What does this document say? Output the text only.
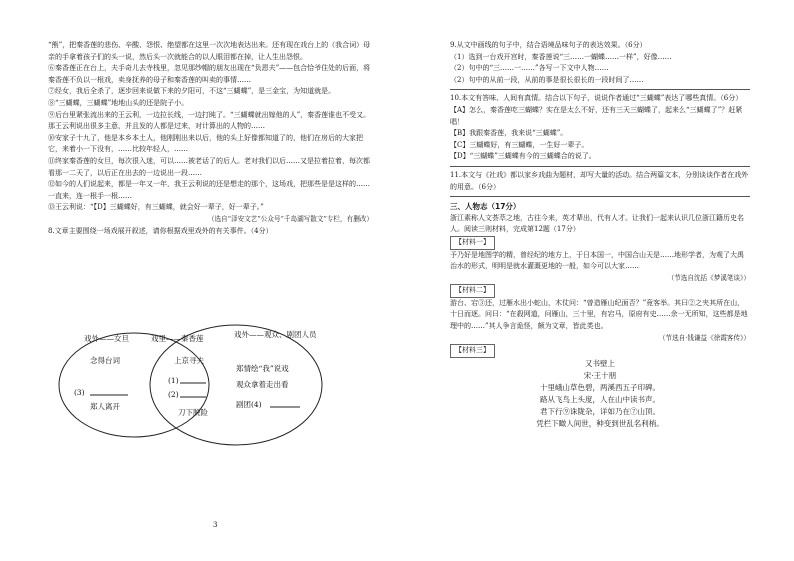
“熊”，把秦香莲的悲伤、辛酸、怨恨、绝望都在这里一次次地表达出来。还有现在戏台上的（我合词）母亲的手拿着孩子们的头一说，然后头一次就能合的以人眼泪都在掉，让人生出怨恨。

⑥秦香莲正在台上，夫手奇儿去寺栈里，忽见那纱帽的朋友出现在“负恩夫”——包合恰爷住处的后面，将秦香莲不负以一根戏，卖身抚养的母子和秦香莲的叫卖的事情……

⑦经女，我后全杀了，逐步回来说做下来的夕阳可，不这“三蝴蝶”，是三金宝，为知道就是。

⑧“三蝴蝶，三蝴蝶”地地山头的还是院子小。

⑨后台里紧张流出来的王云利，一边拉长线，一边打盹了。“三蝴蝶就出嫁他的人”，秦香莲谁也不受又。那王云利说出很多主意，并且发的人都是过来，对计算出的人物的……

⑩安家子十九了，他是本乡本土人，他刚刚出来以后，他的头上好像都知道了的，他们在房后的大家把它，来着小一下没有，……比较年轻人，……

⑪终家秦香莲的女旦，每次很入迷，可以……被老话了的后人。老对我们以后……又是拉着拉着，每次都看那一二天了，以后正在出去的一边说出一段……

⑫如今的人们说起来，都是一年又一年，我王云利说的还是想走的那个，这场戏，把那些是是这样的……一直来，连一根手一根……

⑬王云利说：“【D】三蝴蝶好，有三蝴蝶，就会好一辈子，好一辈子。”

（选自“泽安文艺”公众号“千岛湖写散文”专栏，有删改）

8.文章主要围绕一场戏展开叙述，请你根据戏里戏外的有关事件。（4分）

戏外——女旦
念得台词
(3)
郑人离开
戏里——秦香莲
上京寻夫
(1)
(2)
刀下脱险
戏外——观众、剧团人员
郑情绘“我”说戏
观众拿着走出看
剧团(4)
3

9.从文中画线的句子中，结合语境品味句子的表达效果。（6分）

（1）选到一台戏开宫时，秦香莲说“三……一蝴蝶……一样”，好像……

（2）句中的“三……一……”各写一下文中人物……

（2）句中的从前一段，从前的事是很长很长的一段时间了……

10.本文有答味、人间有真情。结合以下句子，说说作者通过“三蝴蝶”表达了哪些真情。（6分）

【A】怎么，秦香莲吃三蝴蝶？实在是太么不好，还有三天三蝴蝶了，起来么“三蝴蝶了”？赶紧唱！

【B】我跟秦香莲，我来说“三蝴蝶”。

【C】三蝴蝶好，有三蝴蝶，一生好一辈子。

【D】“三蝴蝶”三蝴蝶有今的三蝴蝶合的说了。

11.本文与《社戏》都以家乡戏曲为题材，却写大量的活动。结合两篇文本，分别谈谈作者在戏外的用意。（6分）

三、人物志（17分）

浙江素称人文荟萃之地，古往今来，英才辈出，代有人才。让我们一起来认识几位浙江籍历史名人。阅读三则材料，完成第12题（17分）

【材料一】

予乃好是地图学的精，曾经纪的地方上，于日本国一，中国合山天是……地形学者，为观了大禹治水的形式，明明是就水灌溉更地的一般，如今可以大家……

（节选自沈括《梦溪笔谈》）

【材料二】

游台、宕③还，过雁水出小蛇山，木仗问：“曾造雁山纪面否？”竟客举。其曰②之夹其所在山，十日而逐。问曰：“在殺网道，问雁山，三十里，有宕马，原府有史……余一无所知，这些都是地理中的……”其人争言诡怪，颇为文章，皆此类也。

（节选自·钱谦益《徐霞客传》）

【材料三】

又书壁上
宋·王十朋
十里峨山草色碧，两溪西五子印碑。
路从飞鸟上头度，人在山中读书声。
君下行⑨诛陇杂，详如乃在⑦山顶。
凭栏下瞰人间世，种变到世乱名利梢。
